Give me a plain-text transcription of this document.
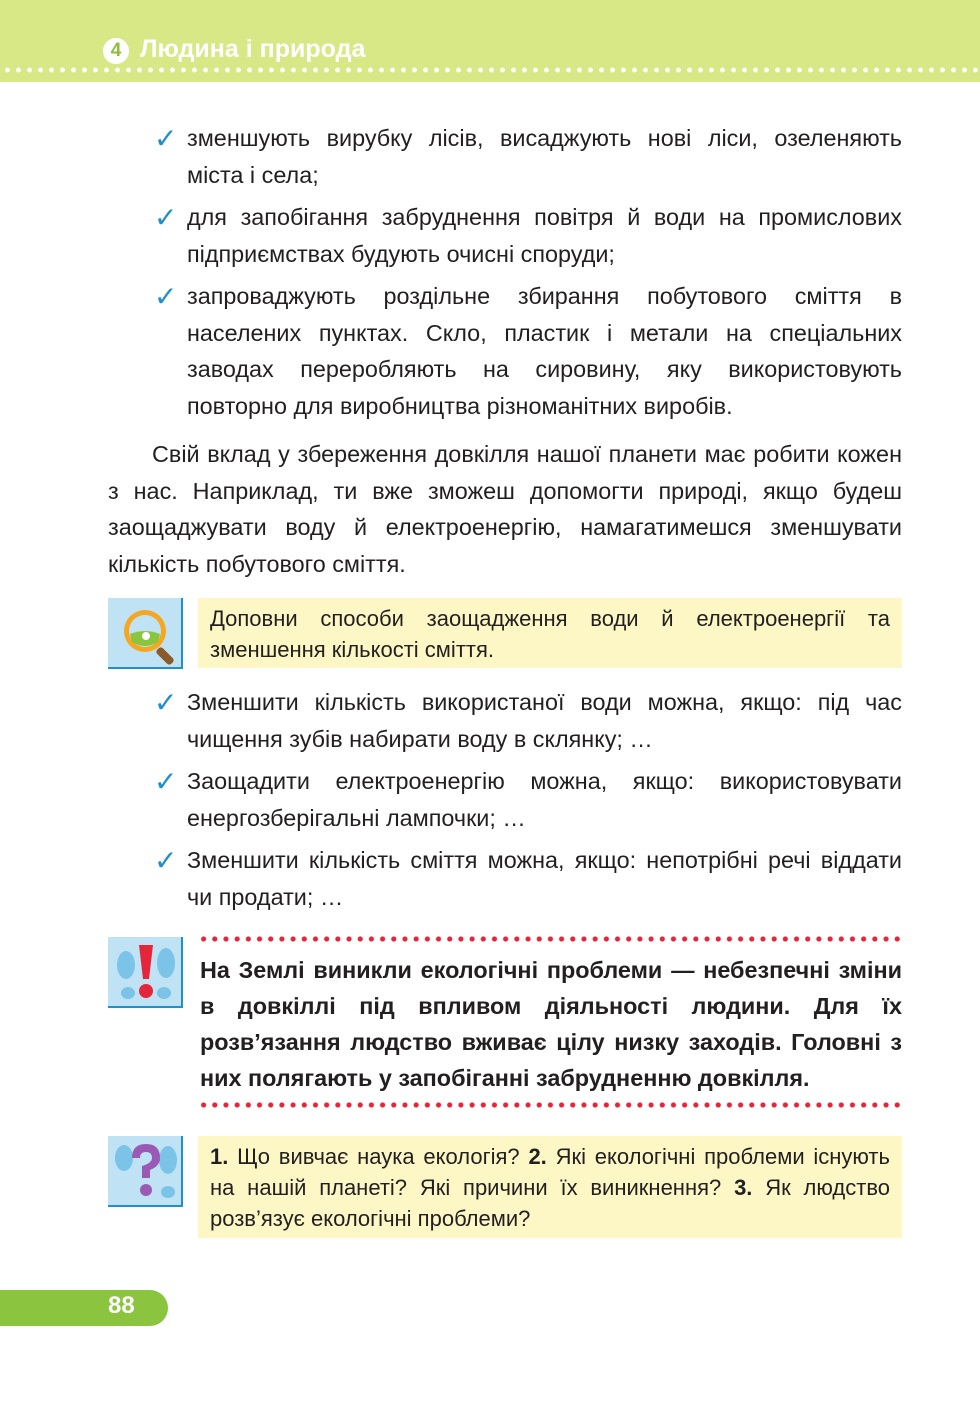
4 Людина і природа
✓ зменшують вирубку лісів, висаджують нові ліси, озеленяють міста і села;
✓ для запобігання забруднення повітря й води на промислових підприємствах будують очисні споруди;
✓ запроваджують роздільне збирання побутового сміття в населених пунктах. Скло, пластик і метали на спеціальних заводах переробляють на сировину, яку використовують повторно для виробництва різноманітних виробів.

Свій вклад у збереження довкілля нашої планети має робити кожен з нас. Наприклад, ти вже зможеш допомогти природі, якщо будеш заощаджувати воду й електроенергію, намагатимешся зменшувати кількість побутового сміття.

Доповни способи заощадження води й електроенергії та зменшення кількості сміття.
✓ Зменшити кількість використаної води можна, якщо: під час чищення зубів набирати воду в склянку; …
✓ Заощадити електроенергію можна, якщо: використовувати енергозберігальні лампочки; …
✓ Зменшити кількість сміття можна, якщо: непотрібні речі віддати чи продати; …

На Землі виникли екологічні проблеми — небезпечні зміни в довкіллі під впливом діяльності людини. Для їх розв’язання людство вживає цілу низку заходів. Головні з них полягають у запобіганні забрудненню довкілля.

1. Що вивчає наука екологія? 2. Які екологічні проблеми існують на нашій планеті? Які причини їх виникнення? 3. Як людство розв’язує екологічні проблеми?
88
